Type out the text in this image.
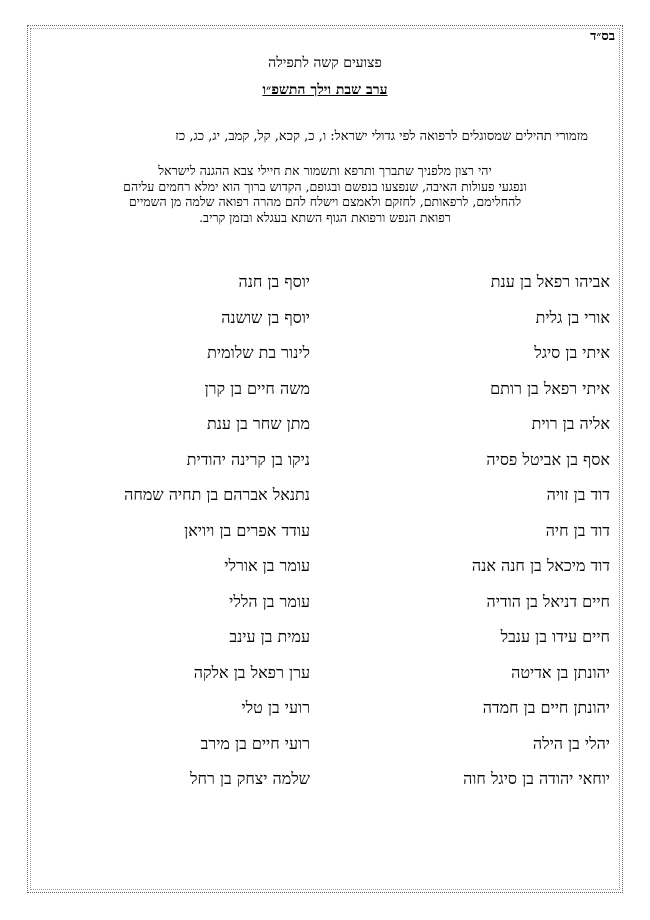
בס״ד
פצועים קשה לתפילה
ערב שבת וילך התשפ״ו
מזמורי תהילים שמסוגלים לרפואה לפי גדולי ישראל: ו, כ, קכא, קל, קמב, יג, כג, כז
יהי רצון מלפניך שתברך ותרפא ותשמור את חיילי צבא ההגנה לישראל
ונפגעי פעולות האיבה, שנפצעו בנפשם ובגופם, הקדוש ברוך הוא ימלא רחמים עליהם
להחלימם, לרפאותם, לחזקם ולאמצם וישלח להם מהרה רפואה שלמה מן השמיים
רפואת הנפש ורפואת הגוף השתא בעגלא ובזמן קריב.
אביהו רפאל בן ענת
אורי בן גלית
איתי בן סיגל
איתי רפאל בן רותם
אליה בן רוית
אסף בן אביטל פסיה
דוד בן זויה
דוד בן חיה
דוד מיכאל בן חנה אנה
חיים דניאל בן הודיה
חיים עידו בן ענבל
יהונתן בן אדיטה
יהונתן חיים בן חמדה
יהלי בן הילה
יוחאי יהודה בן סיגל חוה
יוסף בן חנה
יוסף בן שושנה
לינור בת שלומית
משה חיים בן קרן
מתן שחר בן ענת
ניקו בן קרינה יהודית
נתנאל אברהם בן תחיה שמחה
עודד אפרים בן ויויאן
עומר בן אורלי
עומר בן הללי
עמית בן עינב
ערן רפאל בן אלקה
רועי בן טלי
רועי חיים בן מירב
שלמה יצחק בן רחל
